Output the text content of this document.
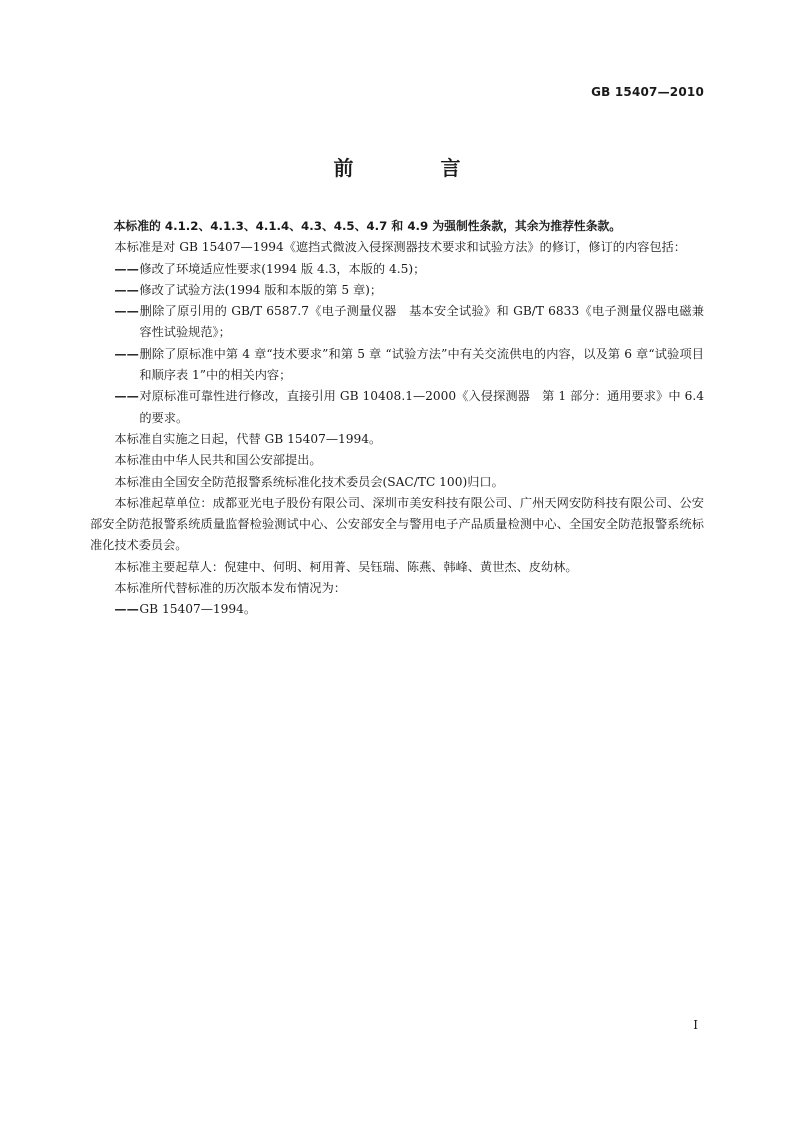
GB 15407—2010
前 言

本标准的 4.1.2、4.1.3、4.1.4、4.3、4.5、4.7 和 4.9 为强制性条款，其余为推荐性条款。

本标准是对 GB 15407—1994《遮挡式微波入侵探测器技术要求和试验方法》的修订，修订的内容包括：

——修改了环境适应性要求(1994 版 4.3，本版的 4.5)；

——修改了试验方法(1994 版和本版的第 5 章)；

——删除了原引用的 GB/T 6587.7《电子测量仪器　基本安全试验》和 GB/T 6833《电子测量仪器电磁兼容性试验规范》；

——删除了原标准中第 4 章“技术要求”和第 5 章 “试验方法”中有关交流供电的内容，以及第 6 章“试验项目和顺序表 1”中的相关内容；

——对原标准可靠性进行修改，直接引用 GB 10408.1—2000《入侵探测器　第 1 部分：通用要求》中 6.4 的要求。

本标准自实施之日起，代替 GB 15407—1994。

本标准由中华人民共和国公安部提出。

本标准由全国安全防范报警系统标准化技术委员会(SAC/TC 100)归口。

本标准起草单位：成都亚光电子股份有限公司、深圳市美安科技有限公司、广州天网安防科技有限公司、公安部安全防范报警系统质量监督检验测试中心、公安部安全与警用电子产品质量检测中心、全国安全防范报警系统标准化技术委员会。

本标准主要起草人：倪建中、何明、柯用菁、吴钰瑞、陈燕、韩峰、黄世杰、皮幼林。

本标准所代替标准的历次版本发布情况为：

——GB 15407—1994。

I
